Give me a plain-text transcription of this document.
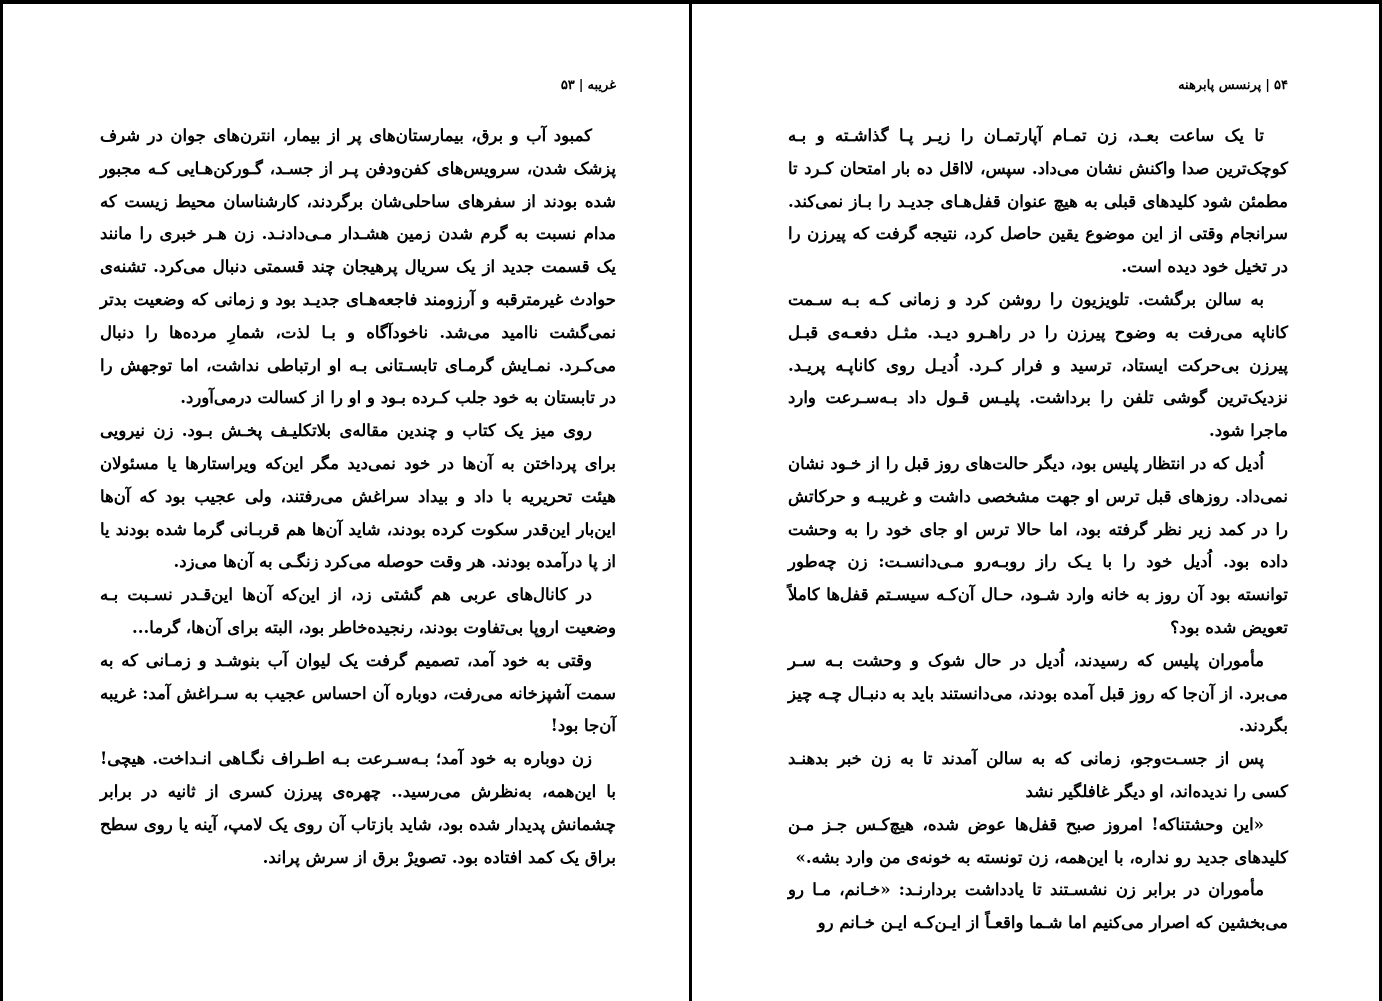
غریبه|۵۳

کمبود آب و برق، بیمارستان‌های پر از بیمار، انترن‌های جوان در شرف پزشک شدن، سرویس‌های کفن‌ودفن پـر از جسـد، گـورکن‌هـایی کـه مجبور شده بودند از سفرهای ساحلی‌شان برگردند، کارشناسان محیط زیست که مدام نسبت به گرم شدن زمین هشـدار مـی‌دادنـد. زن هـر خبری را مانند یک قسمت جدید از یک سریال پرهیجان چند قسمتی دنبال می‌کرد. تشنه‌ی حوادث غیرمترقبه و آرزومند فاجعه‌هـای جدیـد بود و زمانی که وضعیت بدتر نمی‌گشت ناامید می‌شد. ناخودآگاه و بـا لذت، شمارِ مرده‌ها را دنبال می‌کـرد. نمـایش گرمـای تابسـتانی بـه او ارتباطی نداشت، اما توجهش را در تابستان به خود جلب کـرده بـود و او را از کسالت درمی‌آورد.

روی میز یک کتاب و چندین مقاله‌ی بلاتکلیـف پخـش بـود. زن نیرویی برای پرداختن به آن‌ها در خود نمی‌دید مگر این‌که ویراستارها یا مسئولان هیئت تحریریه با داد و بیداد سراغش می‌رفتند، ولی عجیب بود که آن‌ها این‌بار این‌قدر سکوت کرده بودند، شاید آن‌ها هم قربـانی گرما شده بودند یا از پا درآمده بودند. هر وقت حوصله می‌کرد زنگـی به آن‌ها می‌زد.

در کانال‌های عربی هم گشتی زد، از این‌که آن‌ها این‌قـدر نسـبت بـه وضعیت اروپا بی‌تفاوت بودند، رنجیده‌خاطر بود، البته برای آن‌ها، گرما...

وقتی به خود آمد، تصمیم گرفت یک لیوان آب بنوشـد و زمـانی که به سمت آشپزخانه می‌رفت، دوباره آن احساس عجیب به سـراغش آمد: غریبه آن‌جا بود!

زن دوباره به خود آمد؛ بـه‌سـرعت بـه اطـراف نگـاهی انـداخت. هیچی! با این‌همه، به‌نظرش می‌رسید.. چهره‌ی پیرزن کسری از ثانیه در برابر چشمانش پدیدار شده بود، شاید بازتاب آن روی یک لامپ، آینه یا روی سطح براق یک کمد افتاده بود. تصویرْ برق از سرش پراند.

۵۴|پرنسس پابرهنه

تا یک ساعت بعـد، زن تمـام آپارتمـان را زیـر پـا گذاشـته و بـه کوچک‌ترین صدا واکنش نشان می‌داد. سپس، لااقل ده بار امتحان کـرد تا مطمئن شود کلیدهای قبلی به هیچ عنوان قفل‌هـای جدیـد را بـاز نمی‌کند. سرانجام وقتی از این موضوع یقین حاصل کرد، نتیجه گرفت که پیرزن را در تخیل خود دیده است.

به سالن برگشت. تلویزیون را روشن کرد و زمانی کـه بـه سـمت کاناپه می‌رفت به وضوح پیرزن را در راهـرو دیـد. مثـل دفعـه‌ی قبـل پیرزن بی‌حرکت ایستاد، ترسید و فرار کـرد. اُدیـل روی کاناپـه پریـد. نزدیک‌ترین گوشی تلفن را برداشت. پلیـس قـول داد بـه‌سـرعت وارد ماجرا شود.

اُدیل که در انتظار پلیس بود، دیگر حالت‌های روز قبل را از خـود نشان نمی‌داد. روزهای قبل ترس او جهت مشخصی داشت و غریبـه و حرکاتش را در کمد زیر نظر گرفته بود، اما حالا ترس او جای خود را به وحشت داده بود. اُدیل خود را با یـک راز روبـه‌رو مـی‌دانسـت: زن چه‌طور توانسته بود آن روز به خانه وارد شـود، حـال آن‌کـه سیسـتم قفل‌ها کاملاً تعویض شده بود؟

مأموران پلیس که رسیدند، اُدیل در حال شوک و وحشت بـه سـر می‌برد. از آن‌جا که روز قبل آمده بودند، می‌دانستند باید به دنبـال چـه چیز بگردند.

پس از جسـت‌وجو، زمانی که به سالن آمدند تا به زن خبر بدهنـد کسی را ندیده‌اند، او دیگر غافلگیر نشد

«این وحشتناکه! امروز صبح قفل‌ها عوض شده، هیچ‌کـس جـز مـن کلیدهای جدید رو نداره، با این‌همه، زن تونسته به خونه‌ی من وارد بشه.»

مأموران در برابر زن نشسـتند تا یادداشت بردارنـد: «خـانم، مـا رو می‌بخشین که اصرار می‌کنیم اما شـما واقعـاً از ایـن‌کـه ایـن خـانم رو
